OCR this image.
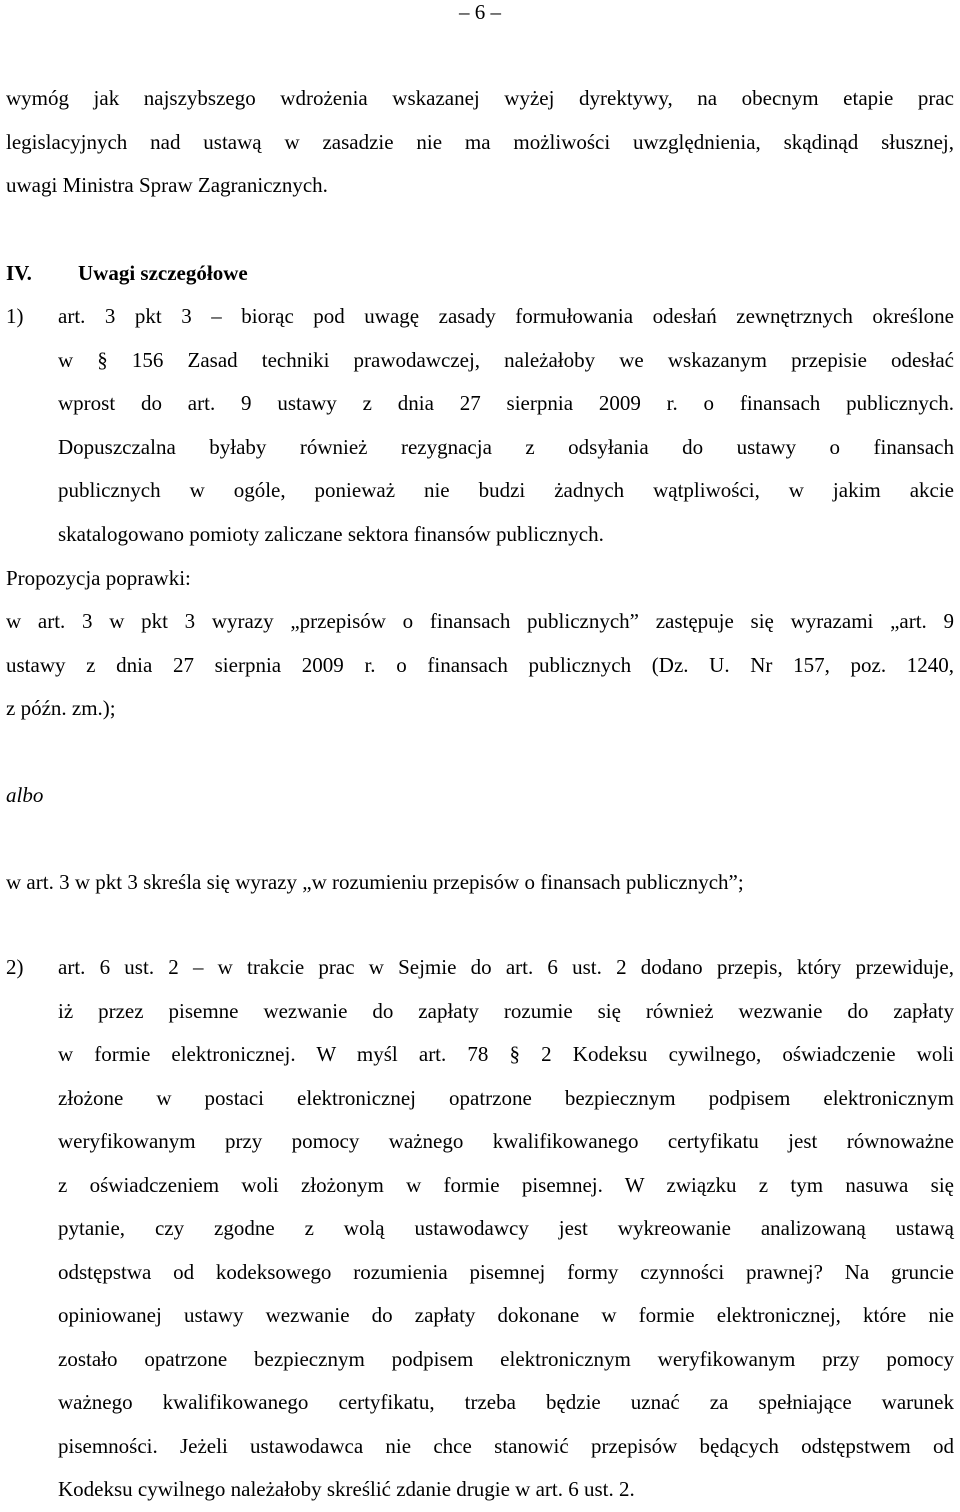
– 6 –
wymóg jak najszybszego wdrożenia wskazanej wyżej dyrektywy, na obecnym etapie prac
legislacyjnych nad ustawą w zasadzie nie ma możliwości uwzględnienia, skądinąd słusznej,
uwagi Ministra Spraw Zagranicznych.
IV. Uwagi szczegółowe
1) art. 3 pkt 3 – biorąc pod uwagę zasady formułowania odesłań zewnętrznych określone
w § 156 Zasad techniki prawodawczej, należałoby we wskazanym przepisie odesłać
wprost do art. 9 ustawy z dnia 27 sierpnia 2009 r. o finansach publicznych.
Dopuszczalna byłaby również rezygnacja z odsyłania do ustawy o finansach
publicznych w ogóle, ponieważ nie budzi żadnych wątpliwości, w jakim akcie
skatalogowano pomioty zaliczane sektora finansów publicznych.
Propozycja poprawki:
w art. 3 w pkt 3 wyrazy „przepisów o finansach publicznych” zastępuje się wyrazami „art. 9
ustawy z dnia 27 sierpnia 2009 r. o finansach publicznych (Dz. U. Nr 157, poz. 1240,
z późn. zm.);
albo
w art. 3 w pkt 3 skreśla się wyrazy „w rozumieniu przepisów o finansach publicznych”;
2) art. 6 ust. 2 – w trakcie prac w Sejmie do art. 6 ust. 2 dodano przepis, który przewiduje,
iż przez pisemne wezwanie do zapłaty rozumie się również wezwanie do zapłaty
w formie elektronicznej. W myśl art. 78 § 2 Kodeksu cywilnego, oświadczenie woli
złożone w postaci elektronicznej opatrzone bezpiecznym podpisem elektronicznym
weryfikowanym przy pomocy ważnego kwalifikowanego certyfikatu jest równoważne
z oświadczeniem woli złożonym w formie pisemnej. W związku z tym nasuwa się
pytanie, czy zgodne z wolą ustawodawcy jest wykreowanie analizowaną ustawą
odstępstwa od kodeksowego rozumienia pisemnej formy czynności prawnej? Na gruncie
opiniowanej ustawy wezwanie do zapłaty dokonane w formie elektronicznej, które nie
zostało opatrzone bezpiecznym podpisem elektronicznym weryfikowanym przy pomocy
ważnego kwalifikowanego certyfikatu, trzeba będzie uznać za spełniające warunek
pisemności. Jeżeli ustawodawca nie chce stanowić przepisów będących odstępstwem od
Kodeksu cywilnego należałoby skreślić zdanie drugie w art. 6 ust. 2.
